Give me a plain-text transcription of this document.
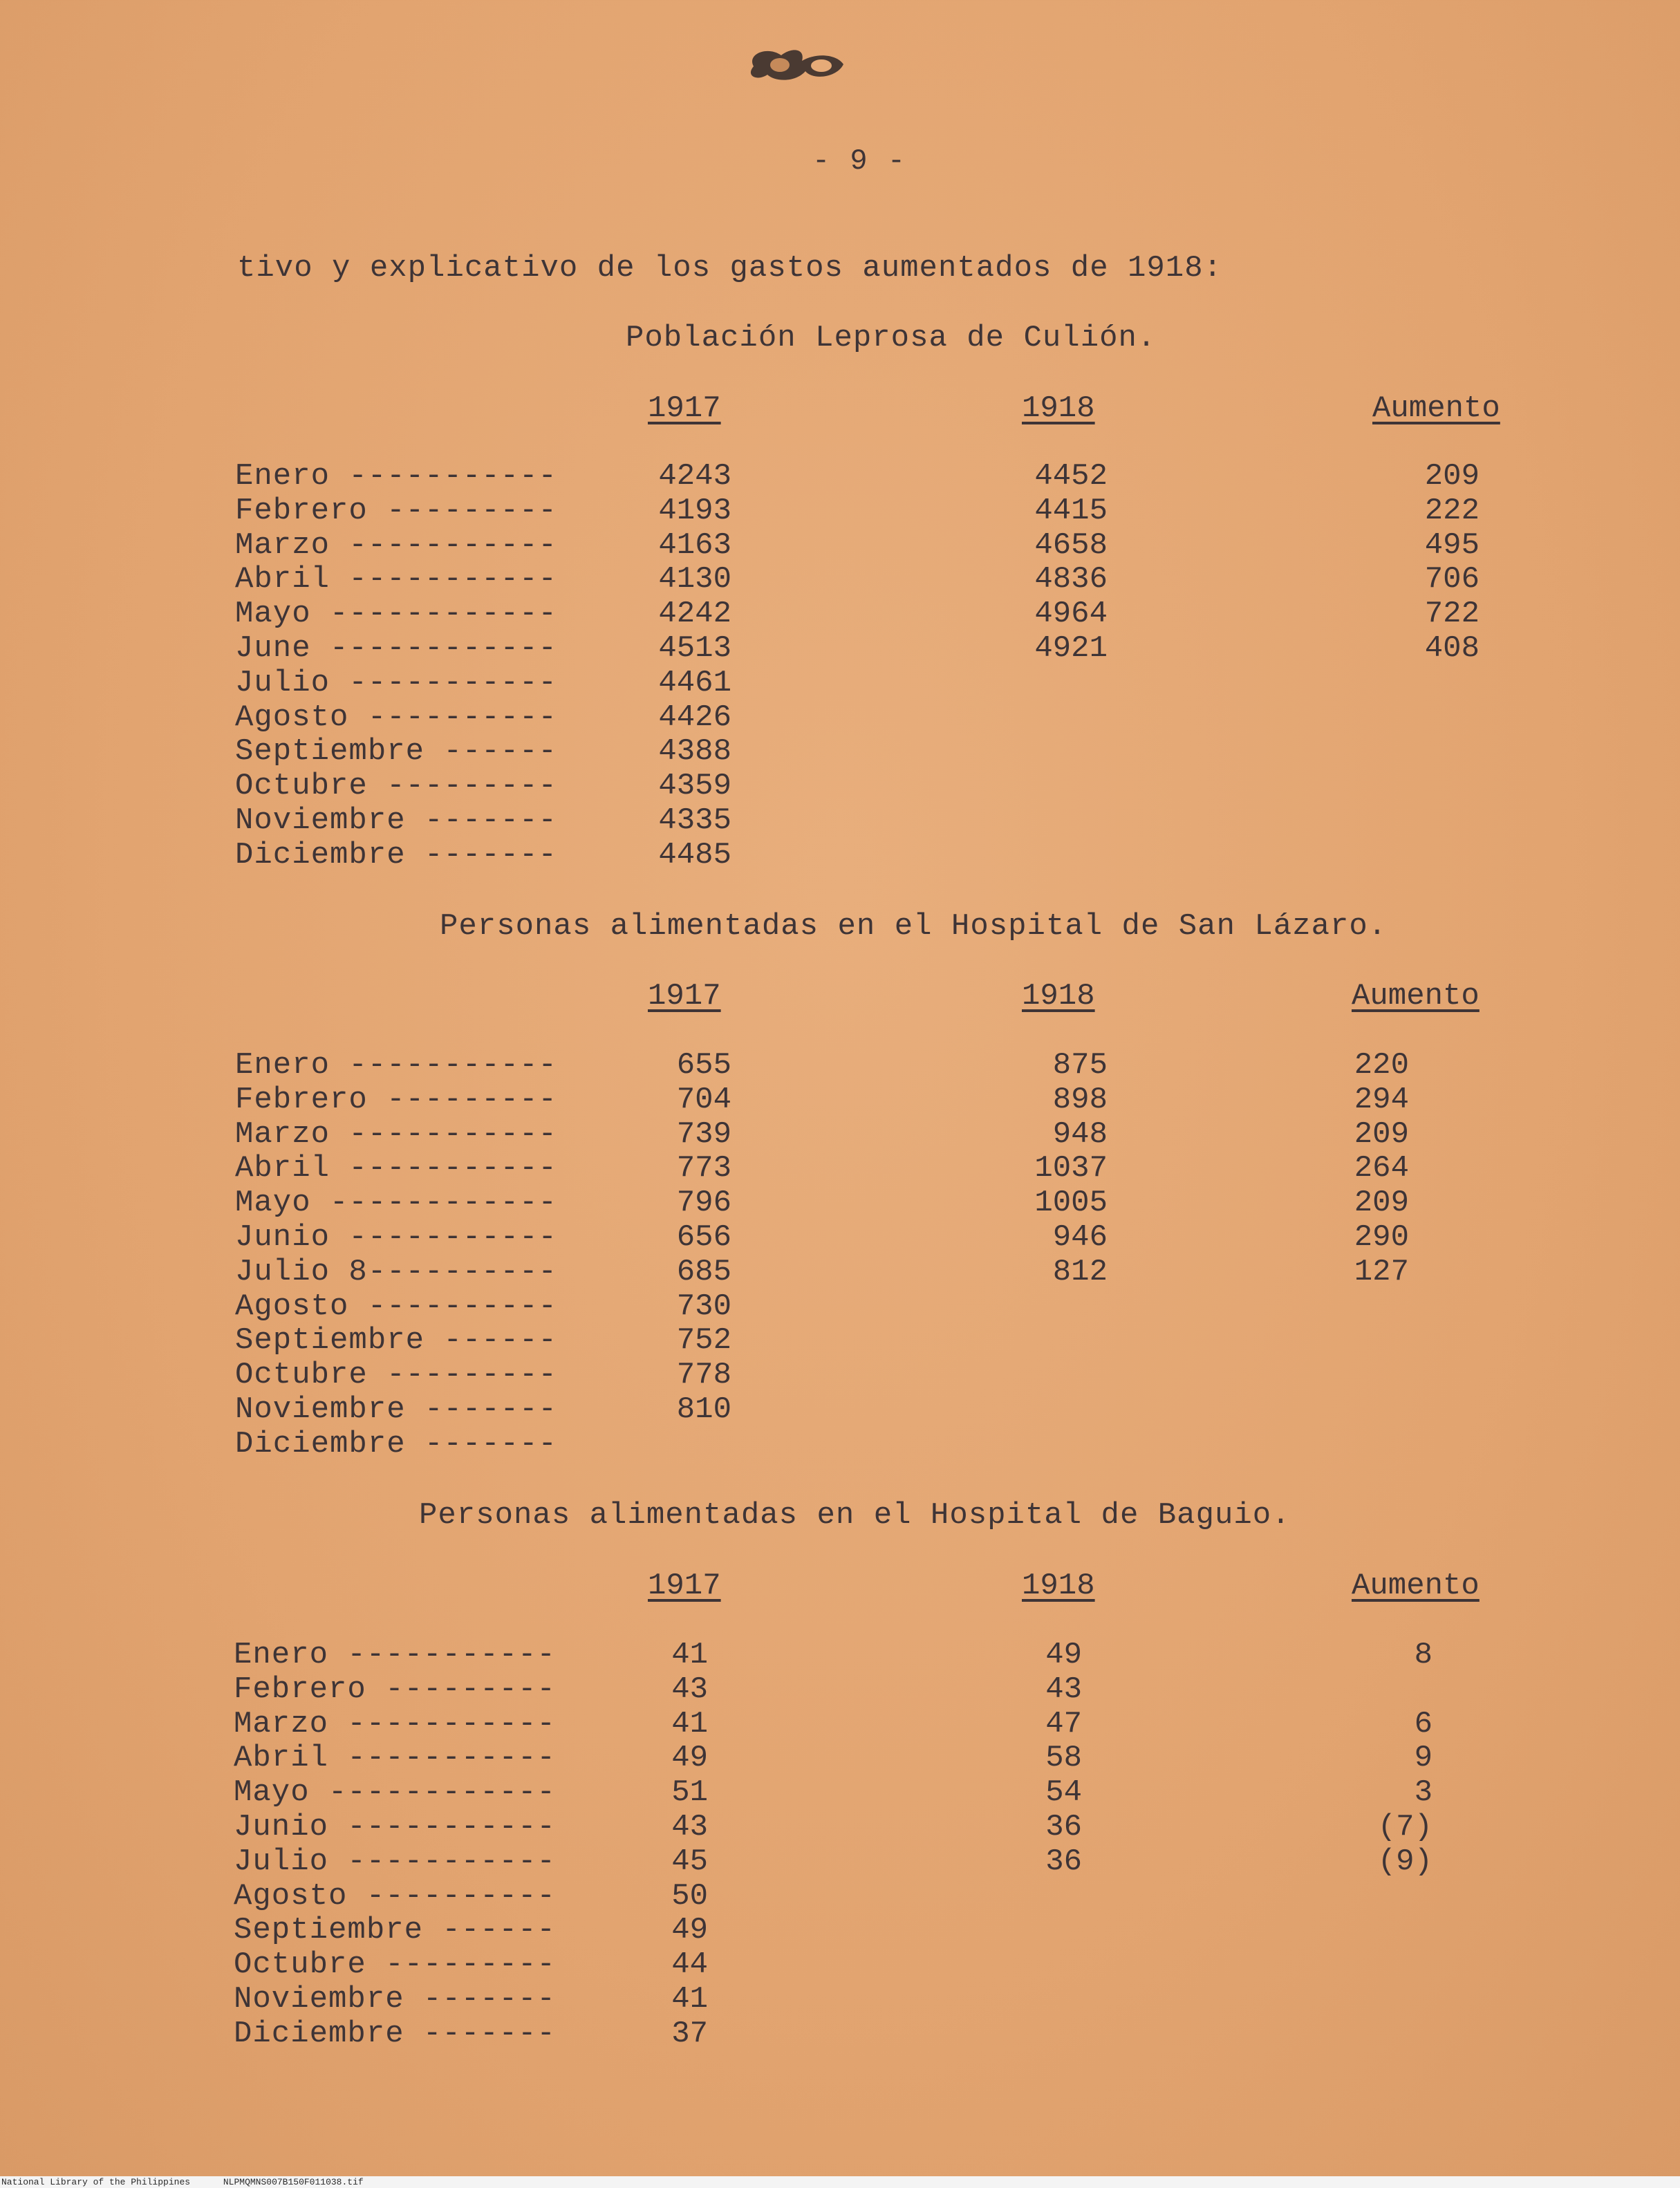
- 9 -
tivo y explicativo de los gastos aumentados de 1918:
Población Leprosa de Culión.
1917	1918	Aumento
Enero -----------	4243	4452	209
Febrero ---------	4193	4415	222
Marzo -----------	4163	4658	495
Abril -----------	4130	4836	706
Mayo ------------	4242	4964	722
June ------------	4513	4921	408
Julio -----------	4461
Agosto ----------	4426
Septiembre ------	4388
Octubre ---------	4359
Noviembre -------	4335
Diciembre -------	4485
Personas alimentadas en el Hospital de San Lázaro.
1917	1918	Aumento
Enero -----------	655	875	220
Febrero ---------	704	898	294
Marzo -----------	739	948	209
Abril -----------	773	1037	264
Mayo ------------	796	1005	209
Junio -----------	656	946	290
Julio 8----------	685	812	127
Agosto ----------	730
Septiembre ------	752
Octubre ---------	778
Noviembre -------	810
Diciembre -------
Personas alimentadas en el Hospital de Baguio.
1917	1918	Aumento
Enero -----------	41	49	8
Febrero ---------	43	43
Marzo -----------	41	47	6
Abril -----------	49	58	9
Mayo ------------	51	54	3
Junio -----------	43	36	(7)
Julio -----------	45	36	(9)
Agosto ----------	50
Septiembre ------	49
Octubre ---------	44
Noviembre -------	41
Diciembre -------	37
National Library of the Philippines	NLPMQMNS007B150F011038.tif
